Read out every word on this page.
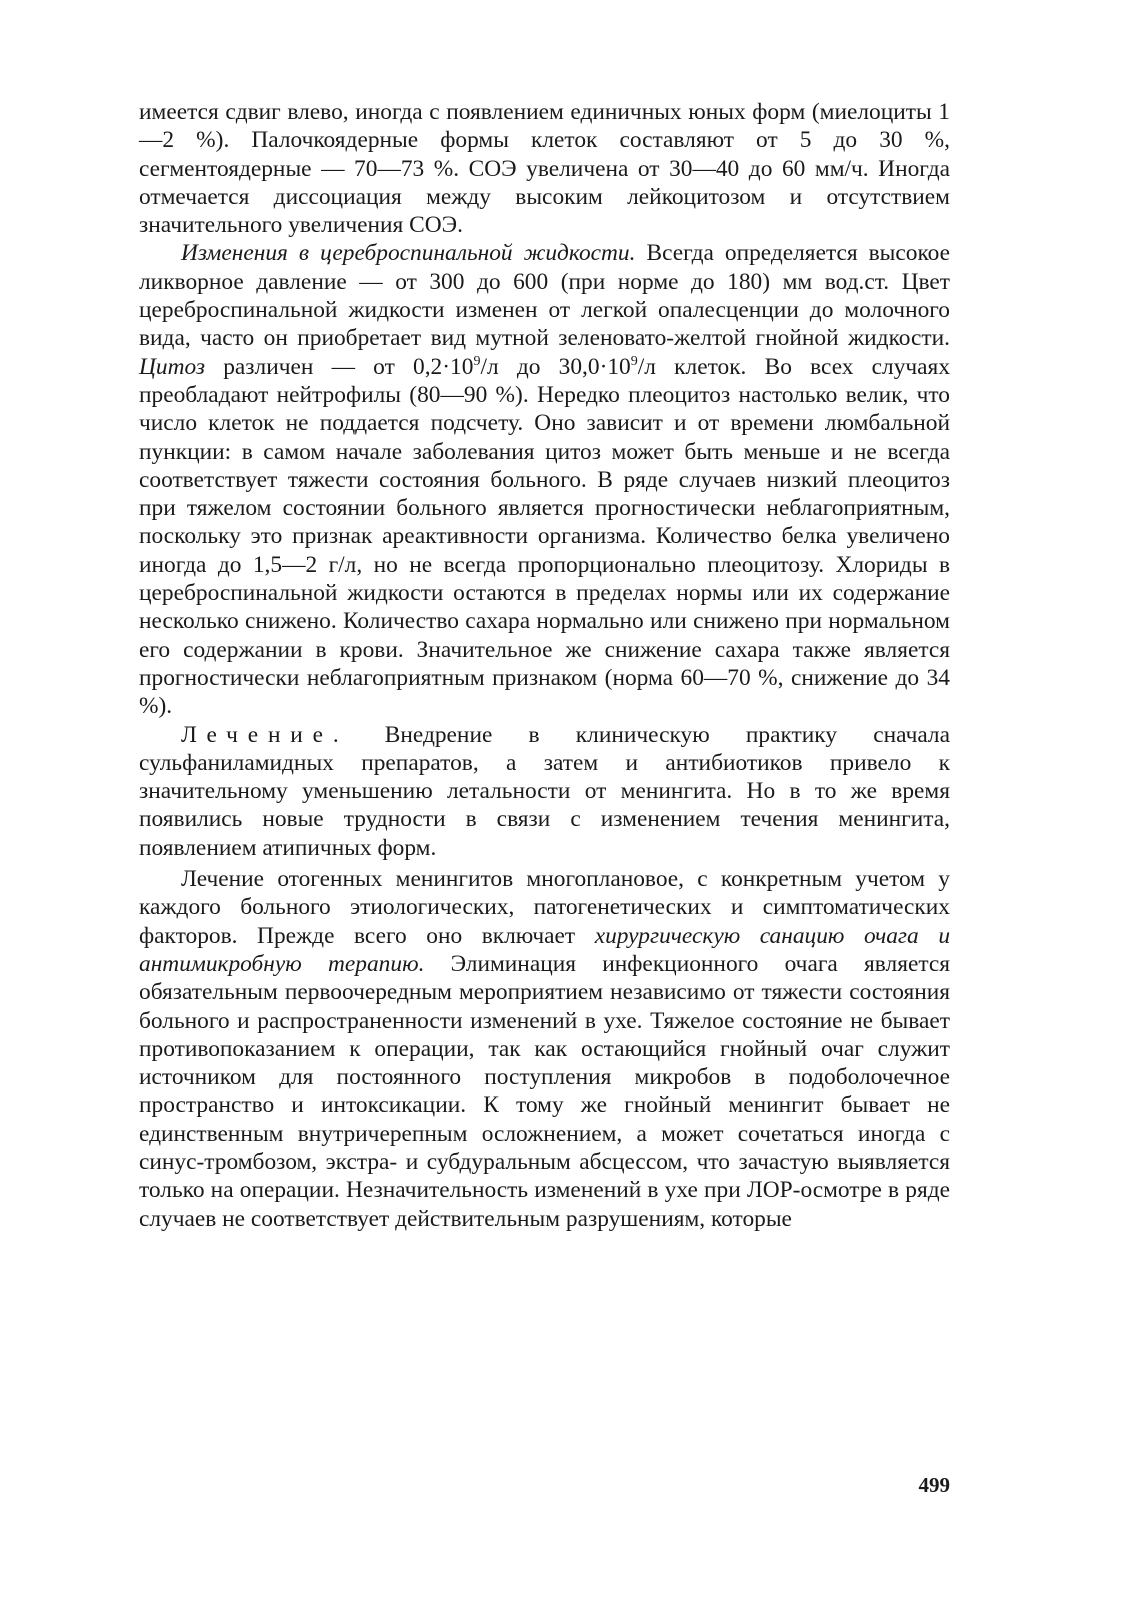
имеется сдвиг влево, иногда с появлением единичных юных форм (миелоциты 1—2 %). Палочкоядерные формы клеток составляют от 5 до 30 %, сегментоядерные — 70—73 %. СОЭ увеличена от 30—40 до 60 мм/ч. Иногда отмечается диссоциация между высоким лейкоцитозом и отсутствием значительного увеличения СОЭ.

Изменения в цереброспинальной жидкости. Всегда определяется высокое ликворное давление — от 300 до 600 (при норме до 180) мм вод.ст. Цвет цереброспинальной жидкости изменен от легкой опалесценции до молочного вида, часто он приобретает вид мутной зеленовато-желтой гнойной жидкости. Цитоз различен — от $0,2\cdot 10^9/л$ до $30,0\cdot 10^9/л$ клеток. Во всех случаях преобладают нейтрофилы (80—90 %). Нередко плеоцитоз настолько велик, что число клеток не поддается подсчету. Оно зависит и от времени люмбальной пункции: в самом начале заболевания цитоз может быть меньше и не всегда соответствует тяжести состояния больного. В ряде случаев низкий плеоцитоз при тяжелом состоянии больного является прогностически неблагоприятным, поскольку это признак ареактивности организма. Количество белка увеличено иногда до 1,5—2 г/л, но не всегда пропорционально плеоцитозу. Хлориды в цереброспинальной жидкости остаются в пределах нормы или их содержание несколько снижено. Количество сахара нормально или снижено при нормальном его содержании в крови. Значительное же снижение сахара также является прогностически неблагоприятным признаком (норма 60—70 %, снижение до 34 %).

Лечение. Внедрение в клиническую практику сначала сульфаниламидных препаратов, а затем и антибиотиков привело к значительному уменьшению летальности от менингита. Но в то же время появились новые трудности в связи с изменением течения менингита, появлением атипичных форм.

Лечение отогенных менингитов многоплановое, с конкретным учетом у каждого больного этиологических, патогенетических и симптоматических факторов. Прежде всего оно включает хирургическую санацию очага и антимикробную терапию. Элиминация инфекционного очага является обязательным первоочередным мероприятием независимо от тяжести состояния больного и распространенности изменений в ухе. Тяжелое состояние не бывает противопоказанием к операции, так как остающийся гнойный очаг служит источником для постоянного поступления микробов в подоболочечное пространство и интоксикации. К тому же гнойный менингит бывает не единственным внутричерепным осложнением, а может сочетаться иногда с синус-тромбозом, экстра- и субдуральным абсцессом, что зачастую выявляется только на операции. Незначительность изменений в ухе при ЛОР-осмотре в ряде случаев не соответствует действительным разрушениям, которые

499
